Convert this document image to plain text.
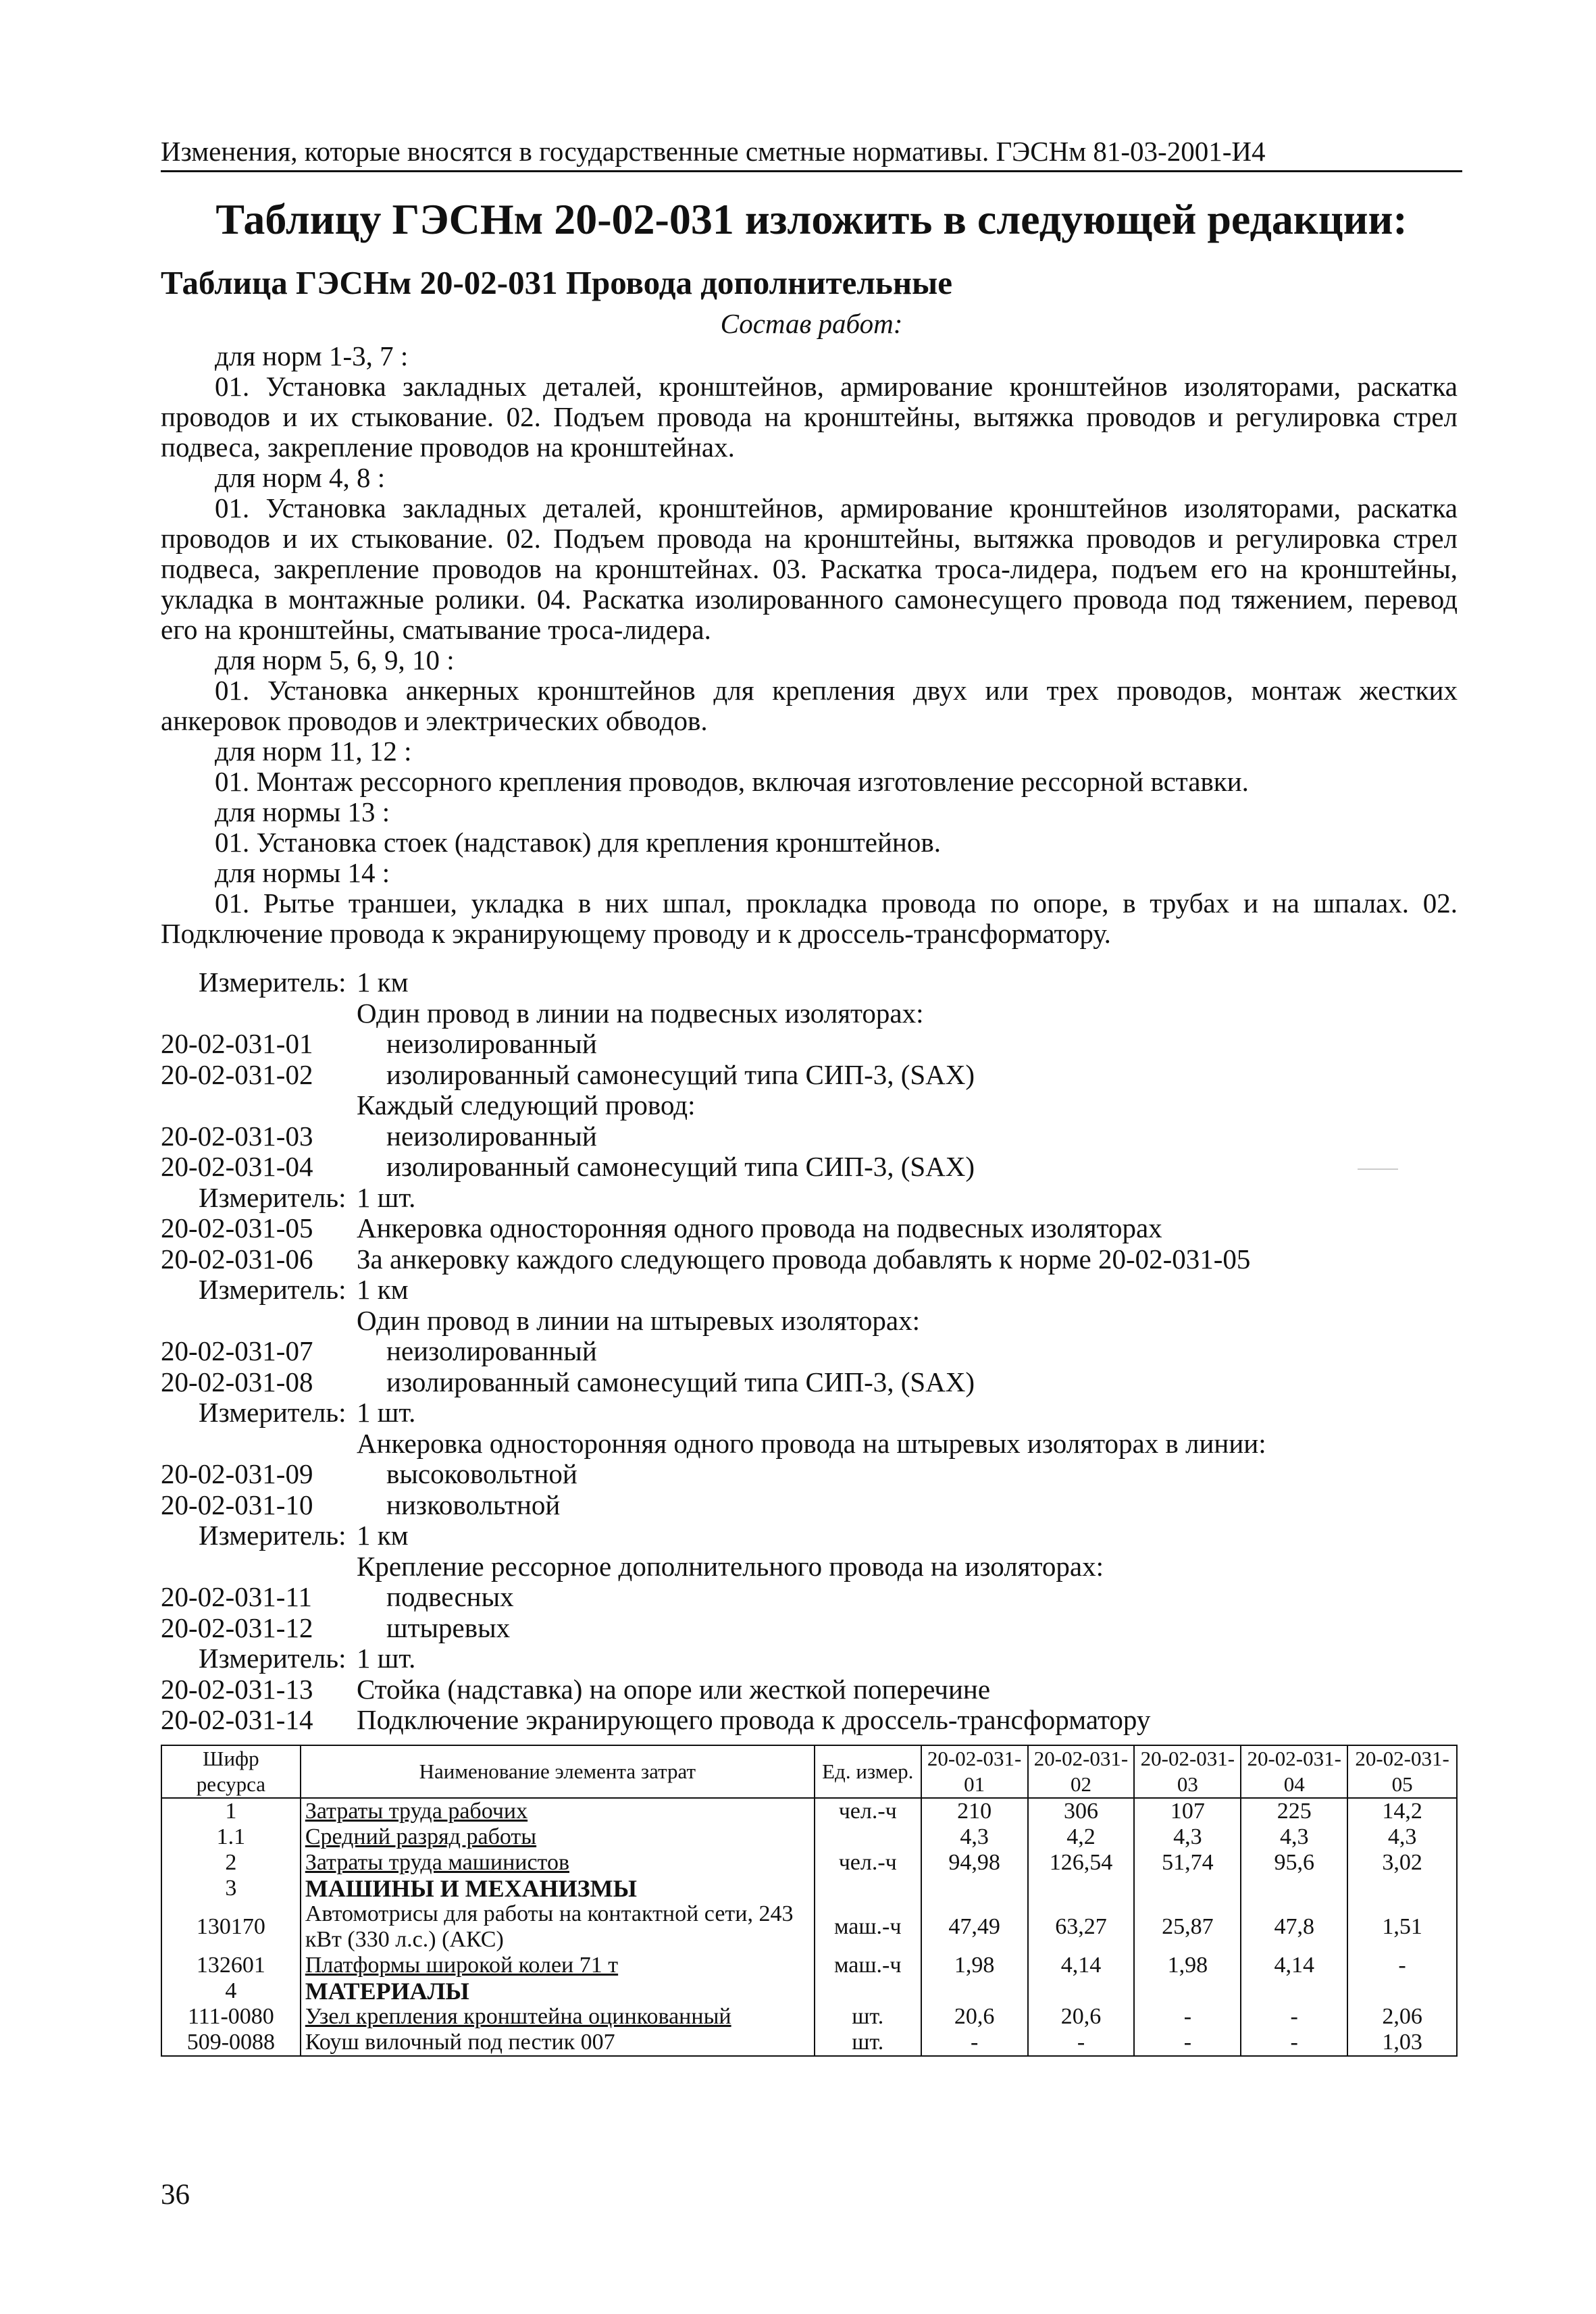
Изменения, которые вносятся в государственные сметные нормативы. ГЭСНм 81-03-2001-И4
Таблицу ГЭСНм 20-02-031 изложить в следующей редакции:
Таблица ГЭСНм 20-02-031 Провода дополнительные
Состав работ:

для норм 1-3, 7 :

01. Установка закладных деталей, кронштейнов, армирование кронштейнов изоляторами, раскатка проводов и их стыкование. 02. Подъем провода на кронштейны, вытяжка проводов и регулировка стрел подвеса, закрепление проводов на кронштейнах.

для норм 4, 8 :

01. Установка закладных деталей, кронштейнов, армирование кронштейнов изоляторами, раскатка проводов и их стыкование. 02. Подъем провода на кронштейны, вытяжка проводов и регулировка стрел подвеса, закрепление проводов на кронштейнах. 03. Раскатка троса-лидера, подъем его на кронштейны, укладка в монтажные ролики. 04. Раскатка изолированного самонесущего провода под тяжением, перевод его на кронштейны, сматывание троса-лидера.

для норм 5, 6, 9, 10 :

01. Установка анкерных кронштейнов для крепления двух или трех проводов, монтаж жестких анкеровок проводов и электрических обводов.

для норм 11, 12 :

01. Монтаж рессорного крепления проводов, включая изготовление рессорной вставки.

для нормы 13 :

01. Установка стоек (надставок) для крепления кронштейнов.

для нормы 14 :

01. Рытье траншеи, укладка в них шпал, прокладка провода по опоре, в трубах и на шпалах. 02. Подключение провода к экранирующему проводу и к дроссель-трансформатору.

Измеритель: 1 км
Один провод в линии на подвесных изоляторах:
20-02-031-01	неизолированный
20-02-031-02	изолированный самонесущий типа СИП-3, (SAX)
Каждый следующий провод:
20-02-031-03	неизолированный
20-02-031-04	изолированный самонесущий типа СИП-3, (SAX)
Измеритель: 1 шт.
20-02-031-05	Анкеровка односторонняя одного провода на подвесных изоляторах
20-02-031-06	За анкеровку каждого следующего провода добавлять к норме 20-02-031-05
Измеритель: 1 км
Один провод в линии на штыревых изоляторах:
20-02-031-07	неизолированный
20-02-031-08	изолированный самонесущий типа СИП-3, (SAX)
Измеритель: 1 шт.
Анкеровка односторонняя одного провода на штыревых изоляторах в линии:
20-02-031-09	высоковольтной
20-02-031-10	низковольтной
Измеритель: 1 км
Крепление рессорное дополнительного провода на изоляторах:
20-02-031-11	подвесных
20-02-031-12	штыревых
Измеритель: 1 шт.
20-02-031-13	Стойка (надставка) на опоре или жесткой поперечине
20-02-031-14	Подключение экранирующего провода к дроссель-трансформатору
Шифр ресурса	Наименование элемента затрат	Ед. измер.	20-02-031-01	20-02-031-02	20-02-031-03	20-02-031-04	20-02-031-05
1	Затраты труда рабочих	чел.-ч	210	306	107	225	14,2
1.1	Средний разряд работы		4,3	4,2	4,3	4,3	4,3
2	Затраты труда машинистов	чел.-ч	94,98	126,54	51,74	95,6	3,02
3	МАШИНЫ И МЕХАНИЗМЫ						
130170	Автомотрисы для работы на контактной сети, 243 кВт (330 л.с.) (АКС)	маш.-ч	47,49	63,27	25,87	47,8	1,51
132601	Платформы широкой колеи 71 т	маш.-ч	1,98	4,14	1,98	4,14	-
4	МАТЕРИАЛЫ						
111-0080	Узел крепления кронштейна оцинкованный	шт.	20,6	20,6	-	-	2,06
509-0088	Коуш вилочный под пестик 007	шт.	-	-	-	-	1,03
36
